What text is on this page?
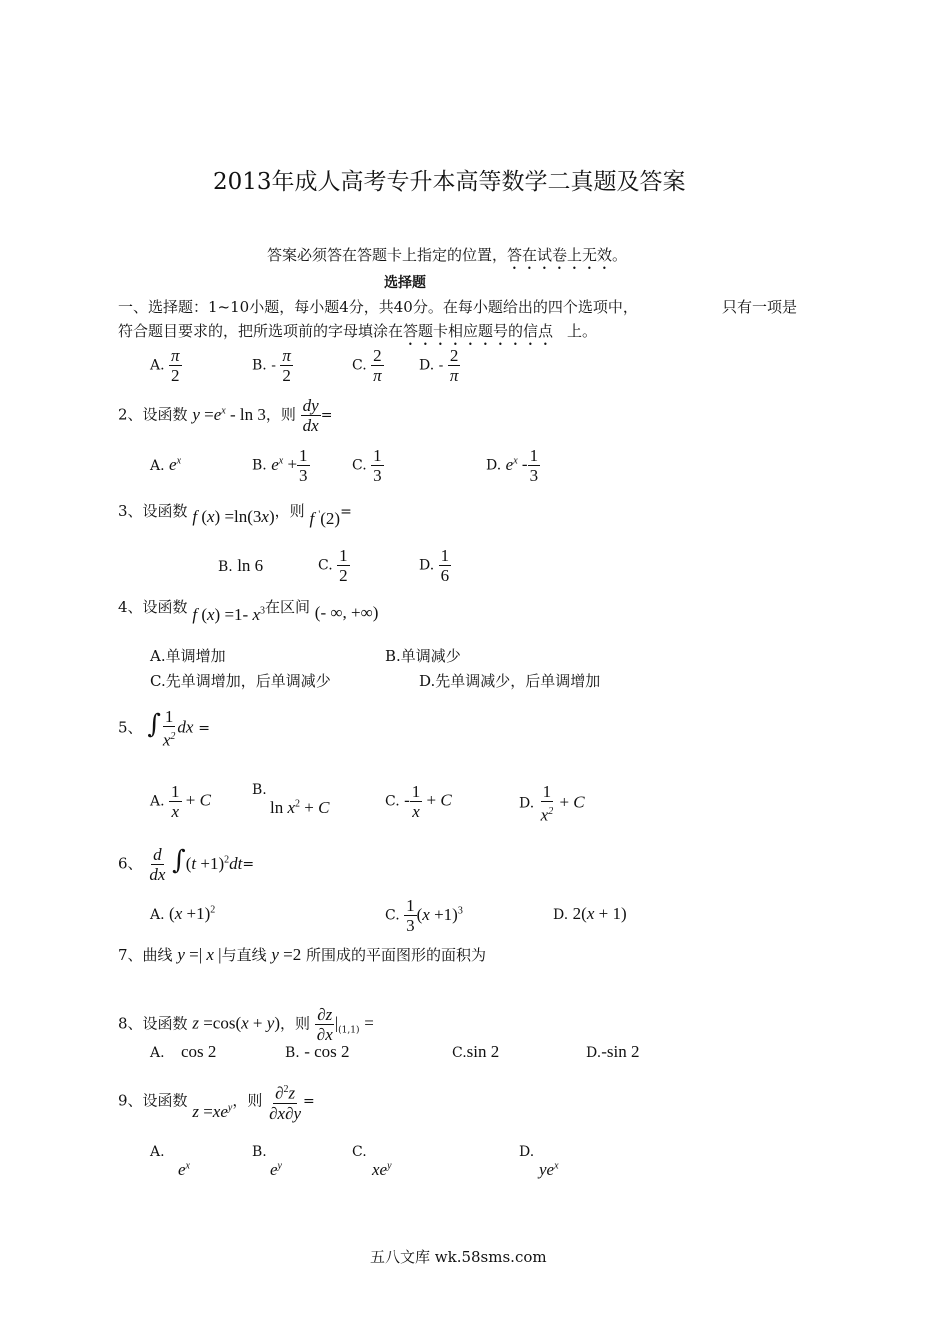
2013年成人高考专升本高等数学二真题及答案
答案必须答在答题卡上指定的位置，答在试卷上无效。
选择题
一、选择题：1~10小题，每小题4分，共40分。在每小题给出的四个选项中，	只有一项是
符合题目要求的，把所选项前的字母填涂在答题卡相应题号的信点 上。
A. $\frac{\pi}{2}$	B. - $\frac{\pi}{2}$	C. $\frac{2}{\pi}$	D. - $\frac{2}{\pi}$
2、设函数 $y =e^x - \ln 3$，则 $\frac{dy}{dx}$ =
A. $e^x$	B. $e^x + \frac{1}{3}$	C. $\frac{1}{3}$	D. $e^x - \frac{1}{3}$
3、设函数 f (x) =ln(3x)，则 f '(2)=
B. ln 6	C. $\frac{1}{2}$	D. $\frac{1}{6}$
4、设函数 f (x) =1- $x^3$在区间 (- ∞, +∞)
A.单调增加	B.单调减少
C.先单调增加，后单调减少	D.先单调减少，后单调增加
5、 ∫ $\frac{1}{x^2}$ dx =
A. $\frac{1}{x} + C$
B.
$\ln x^2 + C$	C. - $\frac{1}{x} + C$	D. $\frac{1}{x^2} + C$
6、 $\frac{d}{dx} \int(t +1)^2dt=$
A. $(x +1)^2$	C. $\frac{1}{3} (x +1)^3$	D. 2(x + 1)
7、曲线 y =| x |与直线 y =2 所围成的平面图形的面积为
8、设函数 z =cos(x + y)，则 $\frac{\partial z}{\partial x} |_{(1,1)}$ =
A. cos 2	B. - cos 2	C.sin 2	D.-sin 2
9、设函数 $z =xe^y$，则 $\frac{\partial^2z}{\partial x\partial y}$ =
A.
$e^x$
B.
$e^y$
C.
$xe^y$
D.
$ye^x$
五八文库 wk.58sms.com
